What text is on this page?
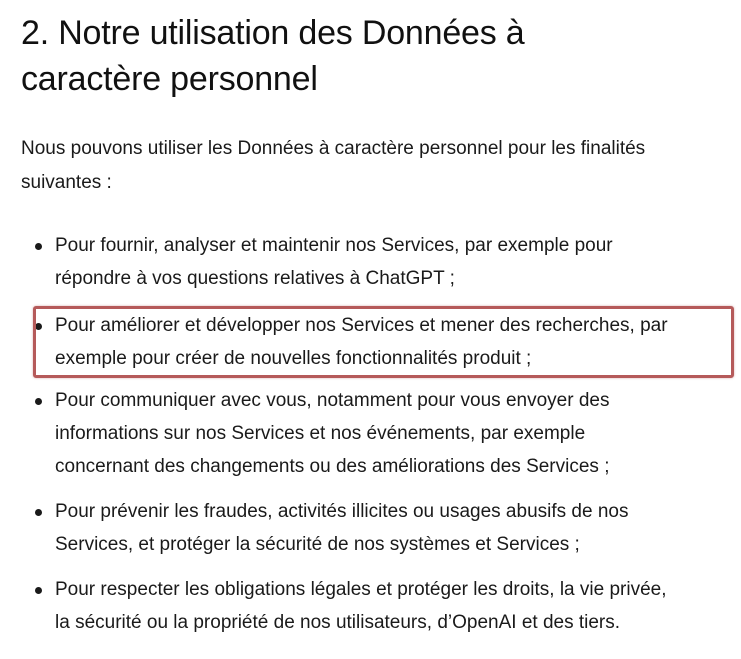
2. Notre utilisation des Données à
caractère personnel

Nous pouvons utiliser les Données à caractère personnel pour les finalités
suivantes :

Pour fournir, analyser et maintenir nos Services, par exemple pour
répondre à vos questions relatives à ChatGPT ;
Pour améliorer et développer nos Services et mener des recherches, par
exemple pour créer de nouvelles fonctionnalités produit ;
Pour communiquer avec vous, notamment pour vous envoyer des
informations sur nos Services et nos événements, par exemple
concernant des changements ou des améliorations des Services ;
Pour prévenir les fraudes, activités illicites ou usages abusifs de nos
Services, et protéger la sécurité de nos systèmes et Services ;
Pour respecter les obligations légales et protéger les droits, la vie privée,
la sécurité ou la propriété de nos utilisateurs, d’OpenAI et des tiers.
